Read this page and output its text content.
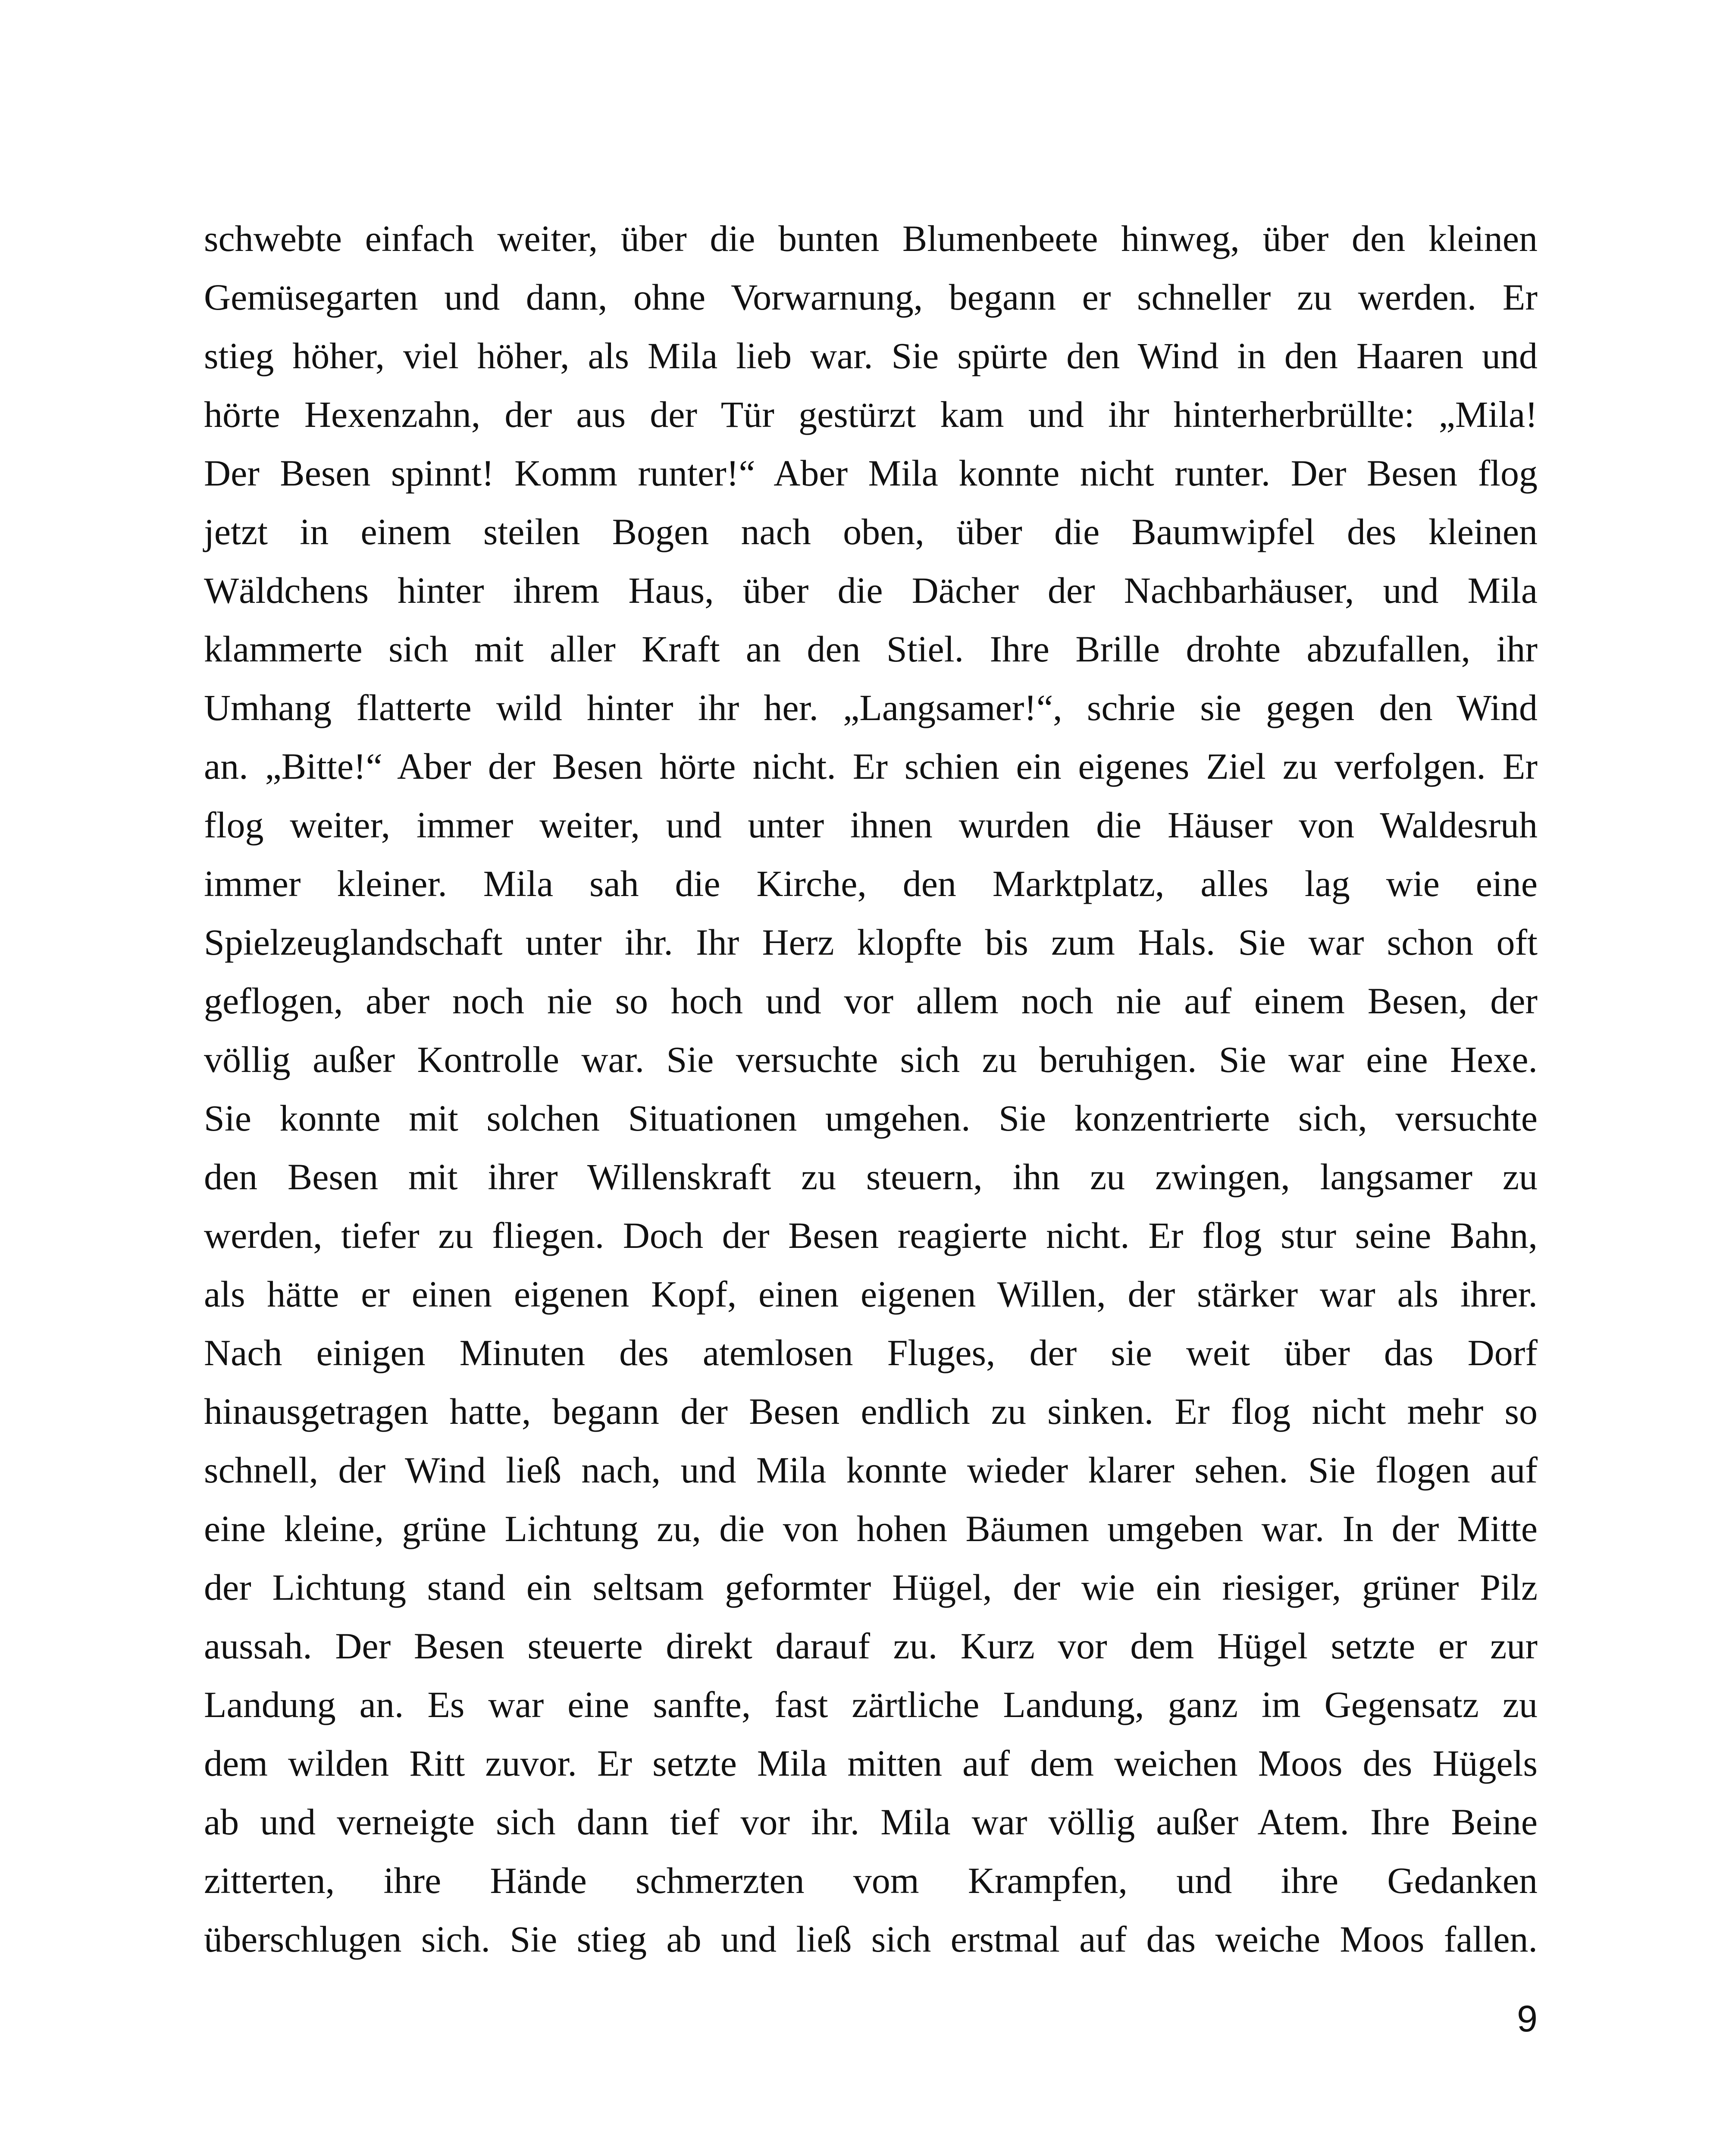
schwebte einfach weiter, über die bunten Blumenbeete hinweg, über den kleinen
Gemüsegarten und dann, ohne Vorwarnung, begann er schneller zu werden. Er
stieg höher, viel höher, als Mila lieb war. Sie spürte den Wind in den Haaren und
hörte Hexenzahn, der aus der Tür gestürzt kam und ihr hinterherbrüllte: „Mila!
Der Besen spinnt! Komm runter!“ Aber Mila konnte nicht runter. Der Besen flog
jetzt in einem steilen Bogen nach oben, über die Baumwipfel des kleinen
Wäldchens hinter ihrem Haus, über die Dächer der Nachbarhäuser, und Mila
klammerte sich mit aller Kraft an den Stiel. Ihre Brille drohte abzufallen, ihr
Umhang flatterte wild hinter ihr her. „Langsamer!“, schrie sie gegen den Wind
an. „Bitte!“ Aber der Besen hörte nicht. Er schien ein eigenes Ziel zu verfolgen. Er
flog weiter, immer weiter, und unter ihnen wurden die Häuser von Waldesruh
immer kleiner. Mila sah die Kirche, den Marktplatz, alles lag wie eine
Spielzeuglandschaft unter ihr. Ihr Herz klopfte bis zum Hals. Sie war schon oft
geflogen, aber noch nie so hoch und vor allem noch nie auf einem Besen, der
völlig außer Kontrolle war. Sie versuchte sich zu beruhigen. Sie war eine Hexe.
Sie konnte mit solchen Situationen umgehen. Sie konzentrierte sich, versuchte
den Besen mit ihrer Willenskraft zu steuern, ihn zu zwingen, langsamer zu
werden, tiefer zu fliegen. Doch der Besen reagierte nicht. Er flog stur seine Bahn,
als hätte er einen eigenen Kopf, einen eigenen Willen, der stärker war als ihrer.
Nach einigen Minuten des atemlosen Fluges, der sie weit über das Dorf
hinausgetragen hatte, begann der Besen endlich zu sinken. Er flog nicht mehr so
schnell, der Wind ließ nach, und Mila konnte wieder klarer sehen. Sie flogen auf
eine kleine, grüne Lichtung zu, die von hohen Bäumen umgeben war. In der Mitte
der Lichtung stand ein seltsam geformter Hügel, der wie ein riesiger, grüner Pilz
aussah. Der Besen steuerte direkt darauf zu. Kurz vor dem Hügel setzte er zur
Landung an. Es war eine sanfte, fast zärtliche Landung, ganz im Gegensatz zu
dem wilden Ritt zuvor. Er setzte Mila mitten auf dem weichen Moos des Hügels
ab und verneigte sich dann tief vor ihr. Mila war völlig außer Atem. Ihre Beine
zitterten, ihre Hände schmerzten vom Krampfen, und ihre Gedanken
überschlugen sich. Sie stieg ab und ließ sich erstmal auf das weiche Moos fallen.
9
